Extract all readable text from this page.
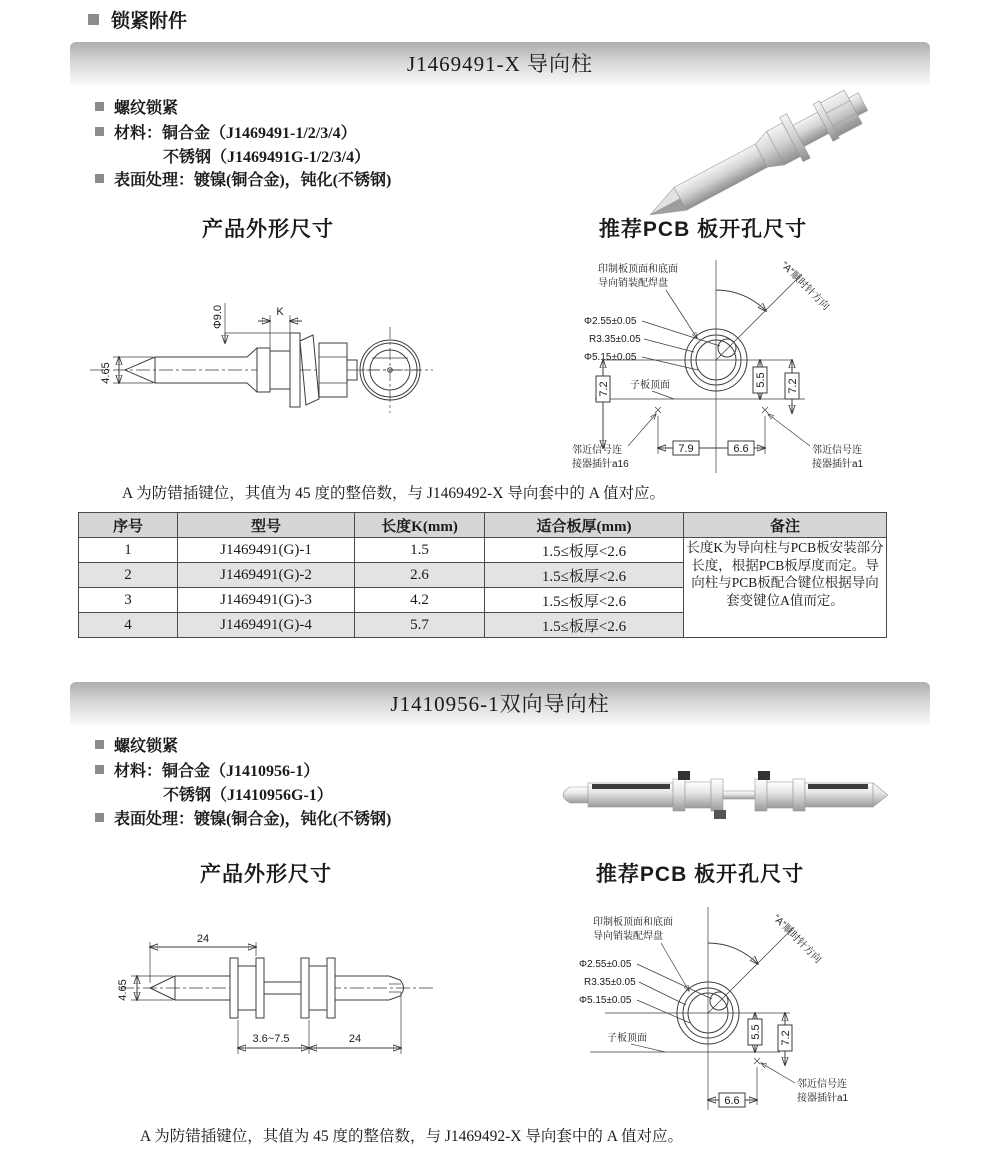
锁紧附件
J1469491-X 导向柱
螺纹锁紧
材料：铜合金（J1469491-1/2/3/4）
不锈钢（J1469491G-1/2/3/4）
表面处理：镀镍(铜合金)，钝化(不锈钢)
产品外形尺寸	推荐PCB 板开孔尺寸
4.65
Φ9.0	K	“A”顺时针方向
印制板顶面和底面
导向销装配焊盘
Φ2.55±0.05
R3.35±0.05
Φ5.15±0.05
子板顶面
7.2
5.5 7.2
7.9	6.6
邻近信号连
接器插针a16
邻近信号连
接器插针a1
A 为防错插键位，其值为 45 度的整倍数，与 J1469492-X 导向套中的 A 值对应。
序号	型号	长度K(mm)	适合板厚(mm)	备注
1	J1469491(G)-1	1.5	1.5≤板厚<2.6	长度K为导向柱与PCB板安装部分长度，根据PCB板厚度而定。导向柱与PCB板配合键位根据导向套变键位A值而定。
2	J1469491(G)-2	2.6	1.5≤板厚<2.6	
3	J1469491(G)-3	4.2	1.5≤板厚<2.6	
4	J1469491(G)-4	5.7	1.5≤板厚<2.6	
J1410956-1双向导向柱
螺纹锁紧
材料：铜合金（J1410956-1）
不锈钢（J1410956G-1）
表面处理：镀镍(铜合金)，钝化(不锈钢)
产品外形尺寸	推荐PCB 板开孔尺寸
24
4.65
3.6~7.5	24
“A”顺时针方向
印制板顶面和底面
导向销装配焊盘
Φ2.55±0.05
R3.35±0.05
Φ5.15±0.05
子板顶面	5.5 7.2
6.6
邻近信号连
接器插针a1
A 为防错插键位，其值为 45 度的整倍数，与 J1469492-X 导向套中的 A 值对应。
